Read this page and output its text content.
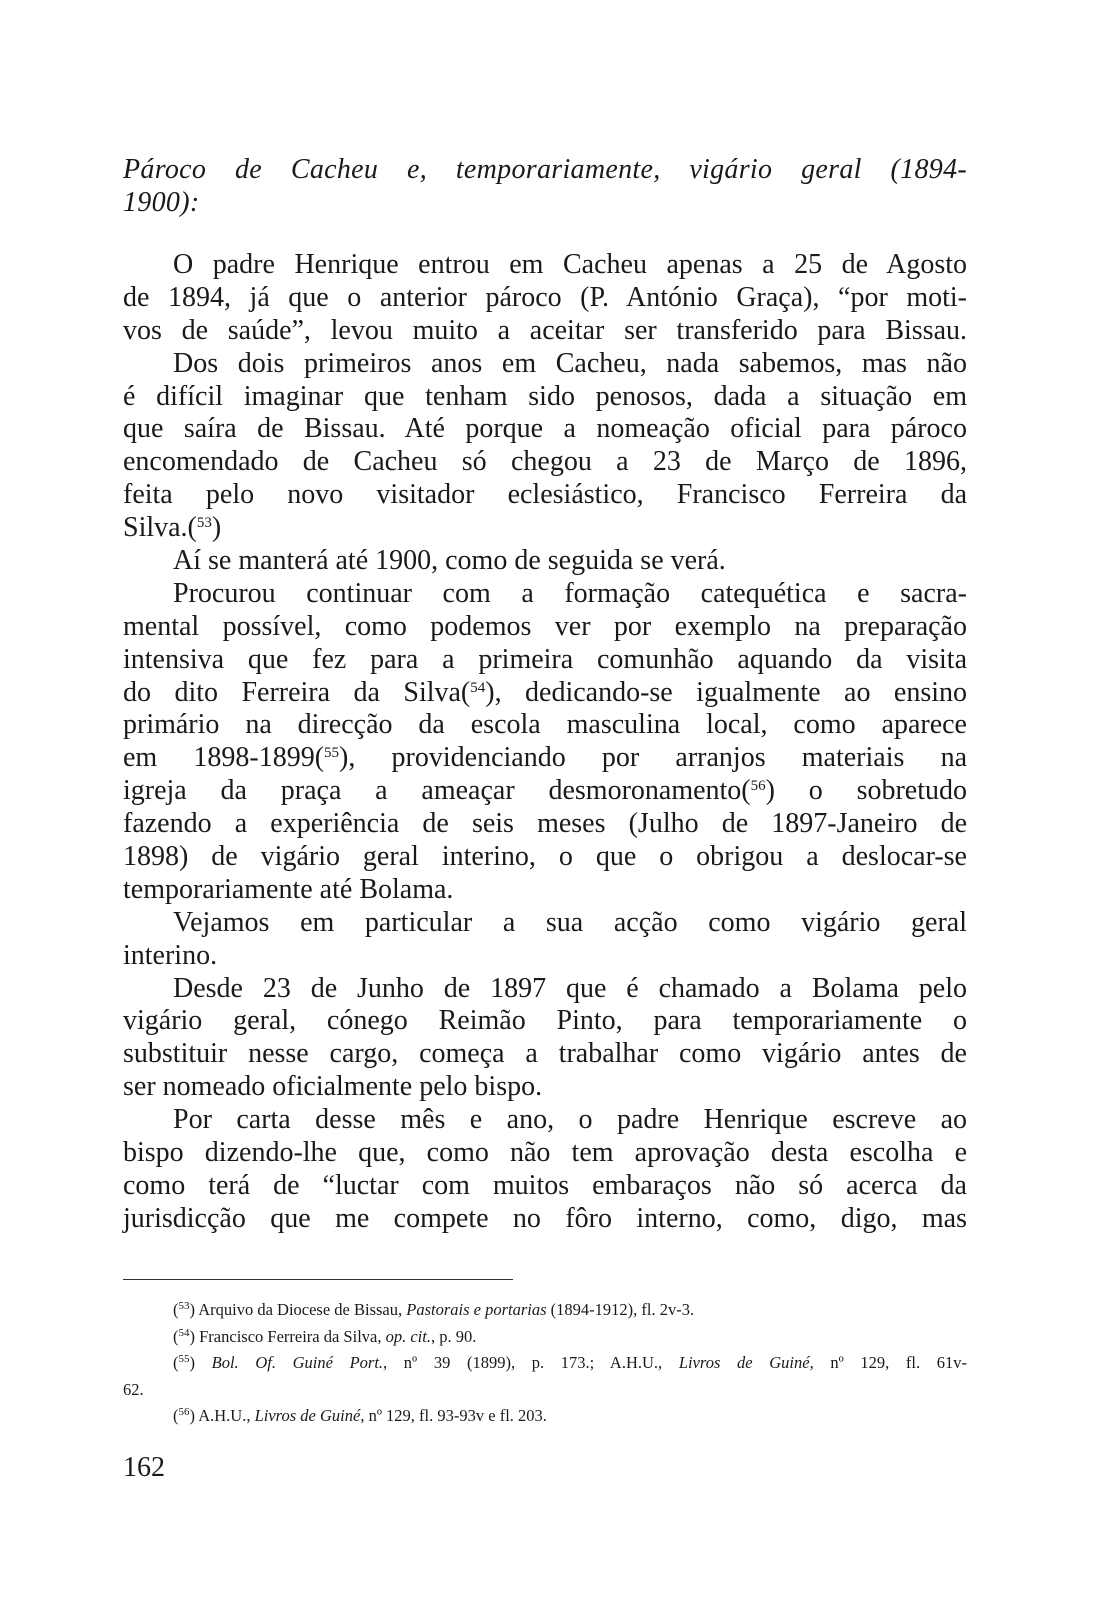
Pároco de Cacheu e, temporariamente, vigário geral (1894-
1900):
O padre Henrique entrou em Cacheu apenas a 25 de Agosto
de 1894, já que o anterior pároco (P. António Graça), “por moti-
vos de saúde”, levou muito a aceitar ser transferido para Bissau.
Dos dois primeiros anos em Cacheu, nada sabemos, mas não
é difícil imaginar que tenham sido penosos, dada a situação em
que saíra de Bissau. Até porque a nomeação oficial para pároco
encomendado de Cacheu só chegou a 23 de Março de 1896,
feita pelo novo visitador eclesiástico, Francisco Ferreira da
Silva.($^{53}$)
Aí se manterá até 1900, como de seguida se verá.
Procurou continuar com a formação catequética e sacra-
mental possível, como podemos ver por exemplo na preparação
intensiva que fez para a primeira comunhão aquando da visita
do dito Ferreira da Silva($^{54}$), dedicando-se igualmente ao ensino
primário na direcção da escola masculina local, como aparece
em 1898-1899($^{55}$), providenciando por arranjos materiais na
igreja da praça a ameaçar desmoronamento($^{56}$) o sobretudo
fazendo a experiência de seis meses (Julho de 1897-Janeiro de
1898) de vigário geral interino, o que o obrigou a deslocar-se
temporariamente até Bolama.
Vejamos em particular a sua acção como vigário geral
interino.
Desde 23 de Junho de 1897 que é chamado a Bolama pelo
vigário geral, cónego Reimão Pinto, para temporariamente o
substituir nesse cargo, começa a trabalhar como vigário antes de
ser nomeado oficialmente pelo bispo.
Por carta desse mês e ano, o padre Henrique escreve ao
bispo dizendo-lhe que, como não tem aprovação desta escolha e
como terá de “luctar com muitos embaraços não só acerca da
jurisdicção que me compete no fôro interno, como, digo, mas
($^{53}$) Arquivo da Diocese de Bissau, Pastorais e portarias (1894-1912), fl. 2v-3.
($^{54}$) Francisco Ferreira da Silva, op. cit., p. 90.
($^{55}$) Bol. Of. Guiné Port., nº 39 (1899), p. 173.; A.H.U., Livros de Guiné, nº 129, fl. 61v-
62.
($^{56}$) A.H.U., Livros de Guiné, nº 129, fl. 93-93v e fl. 203.
162
